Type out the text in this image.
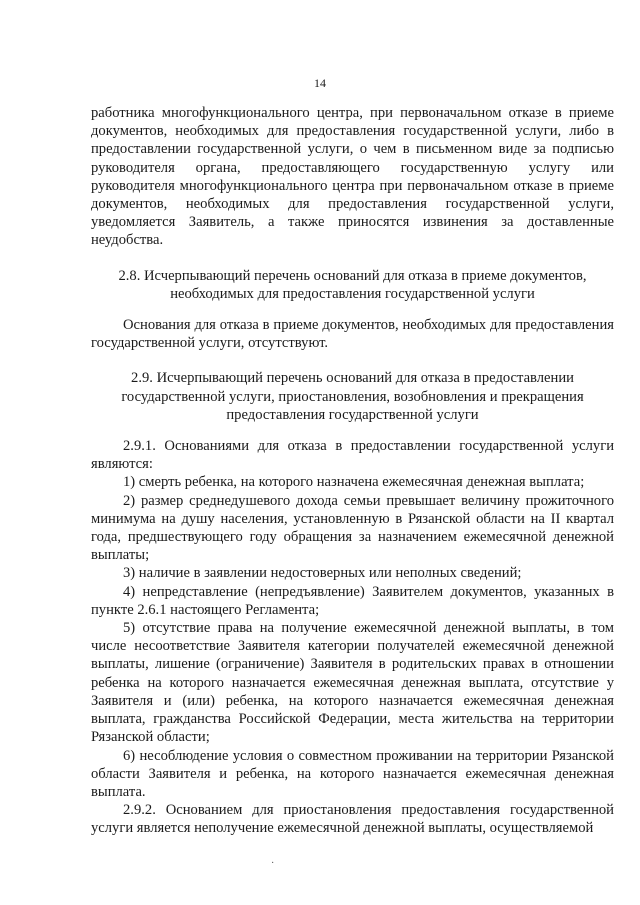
14

работника многофункционального центра, при первоначальном отказе в приеме документов, необходимых для предоставления государственной услуги, либо в предоставлении государственной услуги, о чем в письменном виде за подписью руководителя органа, предоставляющего государственную услугу или руководителя многофункционального центра при первоначальном отказе в приеме документов, необходимых для предоставления государственной услуги, уведомляется Заявитель, а также приносятся извинения за доставленные неудобства.

2.8. Исчерпывающий перечень оснований для отказа в приеме документов, необходимых для предоставления государственной услуги

Основания для отказа в приеме документов, необходимых для предоставления государственной услуги, отсутствуют.

2.9. Исчерпывающий перечень оснований для отказа в предоставлении государственной услуги, приостановления, возобновления и прекращения предоставления государственной услуги

2.9.1. Основаниями для отказа в предоставлении государственной услуги являются:

1) смерть ребенка, на которого назначена ежемесячная денежная выплата;

2) размер среднедушевого дохода семьи превышает величину прожиточного минимума на душу населения, установленную в Рязанской области на II квартал года, предшествующего году обращения за назначением ежемесячной денежной выплаты;

3) наличие в заявлении недостоверных или неполных сведений;

4) непредставление (непредъявление) Заявителем документов, указанных в пункте 2.6.1 настоящего Регламента;

5) отсутствие права на получение ежемесячной денежной выплаты, в том числе несоответствие Заявителя категории получателей ежемесячной денежной выплаты, лишение (ограничение) Заявителя в родительских правах в отношении ребенка на которого назначается ежемесячная денежная выплата, отсутствие у Заявителя и (или) ребенка, на которого назначается ежемесячная денежная выплата, гражданства Российской Федерации, места жительства на территории Рязанской области;

6) несоблюдение условия о совместном проживании на территории Рязанской области Заявителя и ребенка, на которого назначается ежемесячная денежная выплата.

2.9.2. Основанием для приостановления предоставления государственной услуги является неполучение ежемесячной денежной выплаты, осуществляемой

·
